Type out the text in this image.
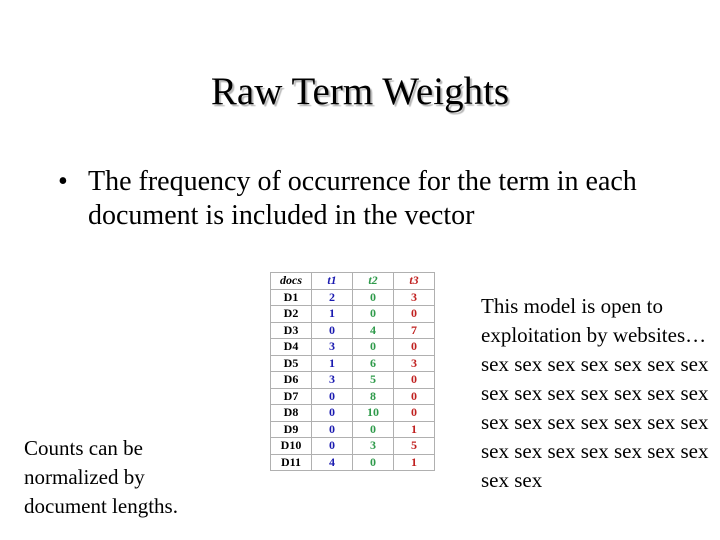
Raw Term Weights
• The frequency of occurrence for the term in each document is included in the vector
docs	t1	t2	t3
D1	2	0	3
D2	1	0	0
D3	0	4	7
D4	3	0	0
D5	1	6	3
D6	3	5	0
D7	0	8	0
D8	0	10	0
D9	0	0	1
D10	0	3	5
D11	4	0	1
Counts can be normalized by document lengths.
This model is open to exploitation by websites… sex sex sex sex sex sex sex sex sex sex sex sex sex sex sex sex sex sex sex sex sex sex sex sex sex sex sex sex sex sex
